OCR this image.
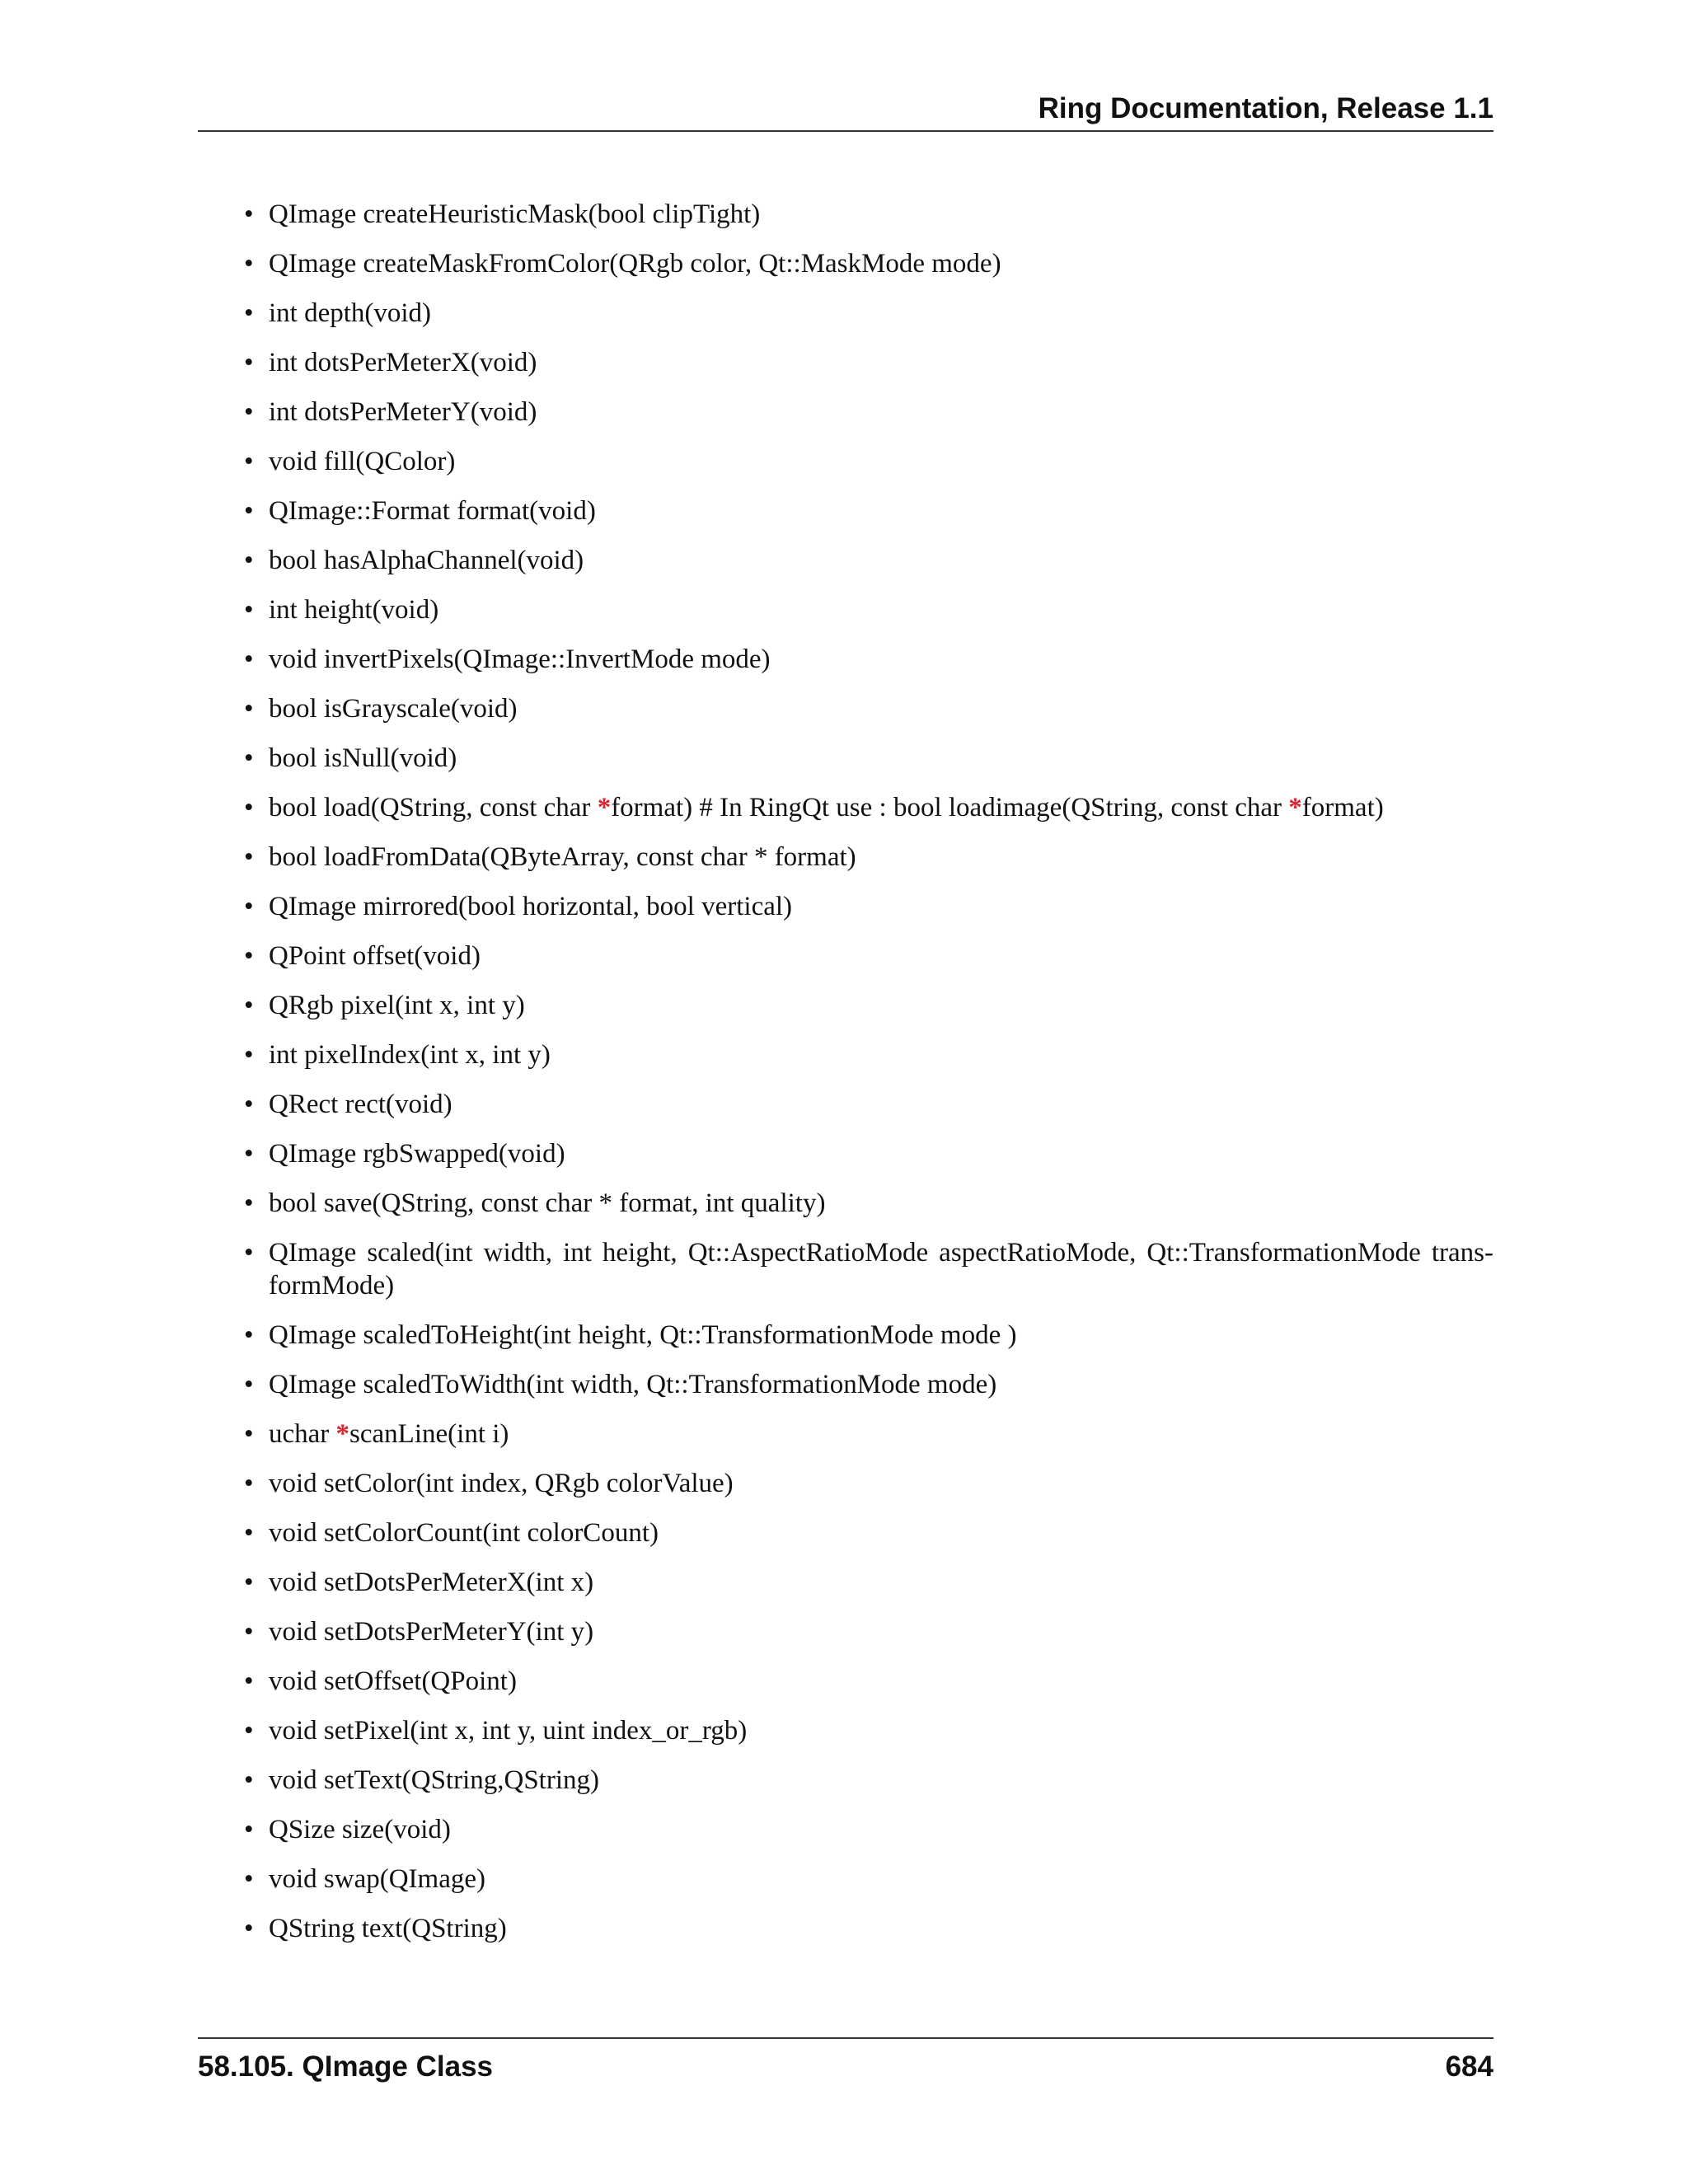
Ring Documentation, Release 1.1
• QImage createHeuristicMask(bool clipTight)
• QImage createMaskFromColor(QRgb color, Qt::MaskMode mode)
• int depth(void)
• int dotsPerMeterX(void)
• int dotsPerMeterY(void)
• void fill(QColor)
• QImage::Format format(void)
• bool hasAlphaChannel(void)
• int height(void)
• void invertPixels(QImage::InvertMode mode)
• bool isGrayscale(void)
• bool isNull(void)
• bool load(QString, const char *format) # In RingQt use : bool loadimage(QString, const char *format)
• bool loadFromData(QByteArray, const char * format)
• QImage mirrored(bool horizontal, bool vertical)
• QPoint offset(void)
• QRgb pixel(int x, int y)
• int pixelIndex(int x, int y)
• QRect rect(void)
• QImage rgbSwapped(void)
• bool save(QString, const char * format, int quality)
• QImage scaled(int width, int height, Qt::AspectRatioMode aspectRatioMode, Qt::TransformationMode trans-formMode)
• QImage scaledToHeight(int height, Qt::TransformationMode mode )
• QImage scaledToWidth(int width, Qt::TransformationMode mode)
• uchar *scanLine(int i)
• void setColor(int index, QRgb colorValue)
• void setColorCount(int colorCount)
• void setDotsPerMeterX(int x)
• void setDotsPerMeterY(int y)
• void setOffset(QPoint)
• void setPixel(int x, int y, uint index_or_rgb)
• void setText(QString,QString)
• QSize size(void)
• void swap(QImage)
• QString text(QString)
58.105. QImage Class	684
